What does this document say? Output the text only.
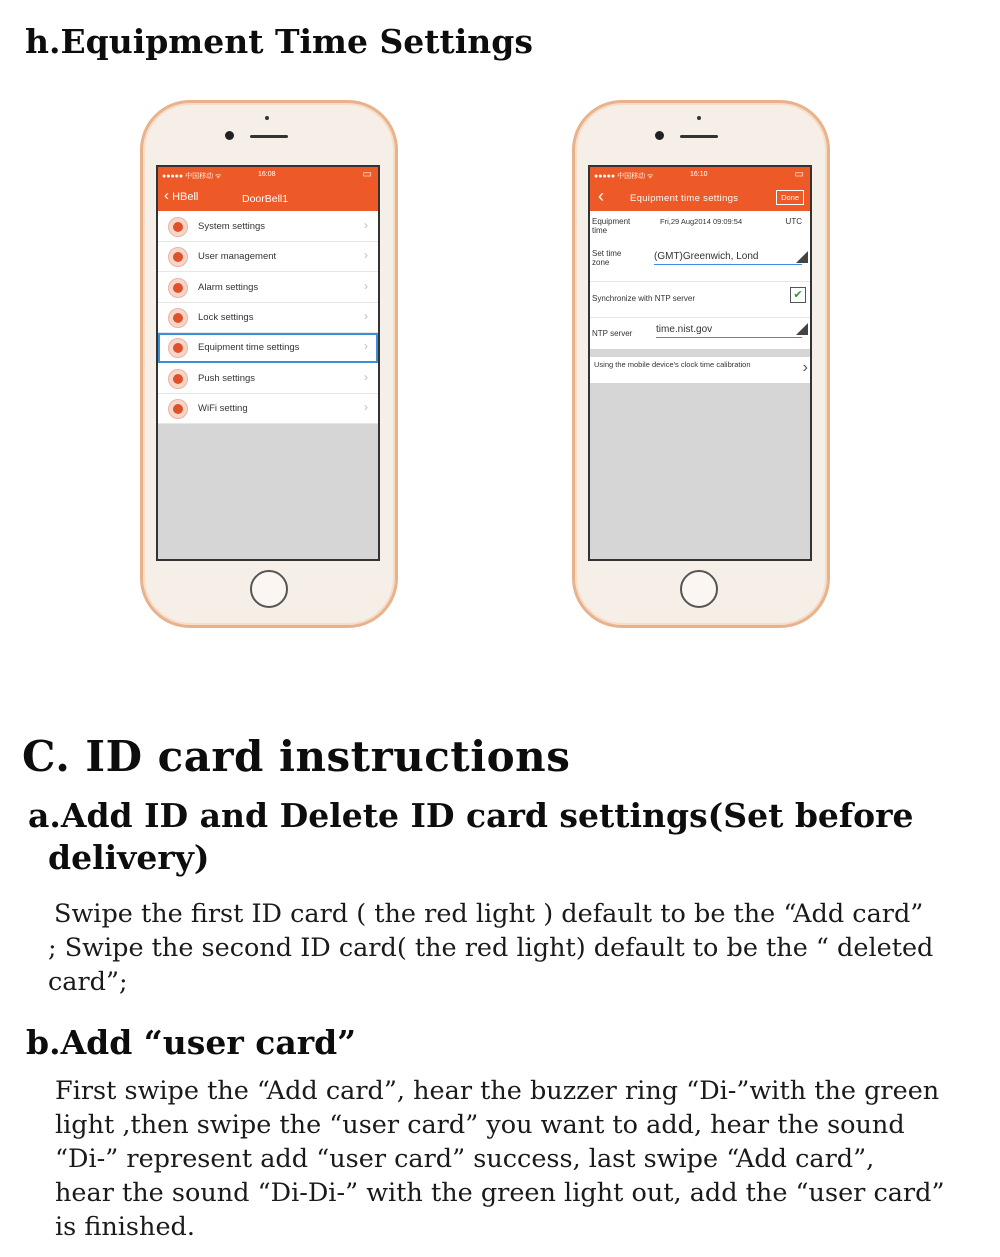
h.Equipment Time Settings
●●●●● 中国移动 ᯤ	16:08	▭
‹ HBell	DoorBell1
System settings	›
User management	›
Alarm settings	›
Lock settings	›
Equipment time settings	›
Push settings	›
WiFi setting	›
●●●●● 中国移动 ᯤ	16:10	▭
‹	Equipment time settings	Done
Equipment time
Fri,29 Aug2014 09:09:54	UTC
Set time zone
(GMT)Greenwich, Lond
Synchronize with NTP server	✔
NTP server time.nist.gov
Using the mobile device's clock time calibration	›
C. ID card instructions
a.Add ID and Delete ID card settings(Set before
delivery)
Swipe the first ID card ( the red light ) default to be the “Add card”
; Swipe the second ID card( the red light) default to be the “ deleted
card”;
b.Add “user card”
First swipe the “Add card”, hear the buzzer ring “Di-”with the green
light ,then swipe the “user card” you want to add, hear the sound
“Di-” represent add “user card” success, last swipe “Add card”,
hear the sound “Di-Di-” with the green light out, add the “user card”
is finished.
